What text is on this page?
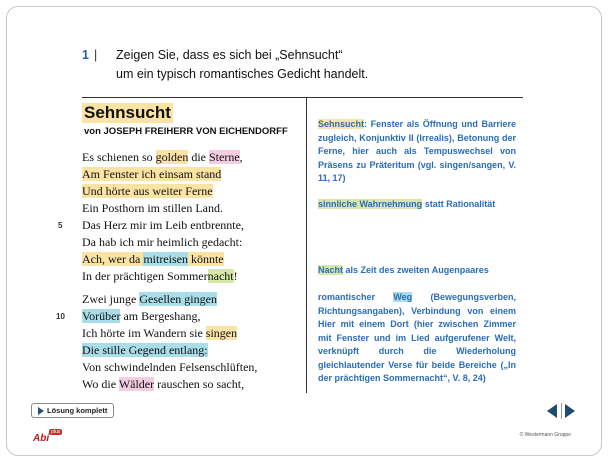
1 | Zeigen Sie, dass es sich bei „Sehnsucht“
um ein typisch romantisches Gedicht handelt.
Sehnsucht
von JOSEPH FREIHERR VON EICHENDORFF
Es schienen so golden die Sterne,
Am Fenster ich einsam stand
Und hörte aus weiter Ferne
Ein Posthorn im stillen Land.
Das Herz mir im Leib entbrennte,
Da hab ich mir heimlich gedacht:
Ach, wer da mitreisen könnte
In der prächtigen Sommernacht!
Zwei junge Gesellen gingen
Vorüber am Bergeshang,
Ich hörte im Wandern sie singen
Die stille Gegend entlang:
Von schwindelnden Felsenschlüften,
Wo die Wälder rauschen so sacht,
5
10
Sehnsucht: Fenster als Öffnung und Barriere zugleich, Konjunktiv II (Irrealis), Betonung der Ferne, hier auch als Tempuswechsel von Präsens zu Präteritum (vgl. singen/sangen, V. 11, 17)
sinnliche Wahrnehmung statt Rationalität
Nacht als Zeit des zweiten Augenpaares
romantischer Weg (Bewegungsverben, Richtungsangaben), Verbindung von einem Hier mit einem Dort (hier zwischen Zimmer mit Fenster und im Lied aufgerufener Welt, verknüpft durch die Wiederholung gleichlautender Verse für beide Bereiche („In der prächtigen Sommernacht“, V. 8, 24)
Lösung komplett
Abiplus	© Westermann Gruppe
